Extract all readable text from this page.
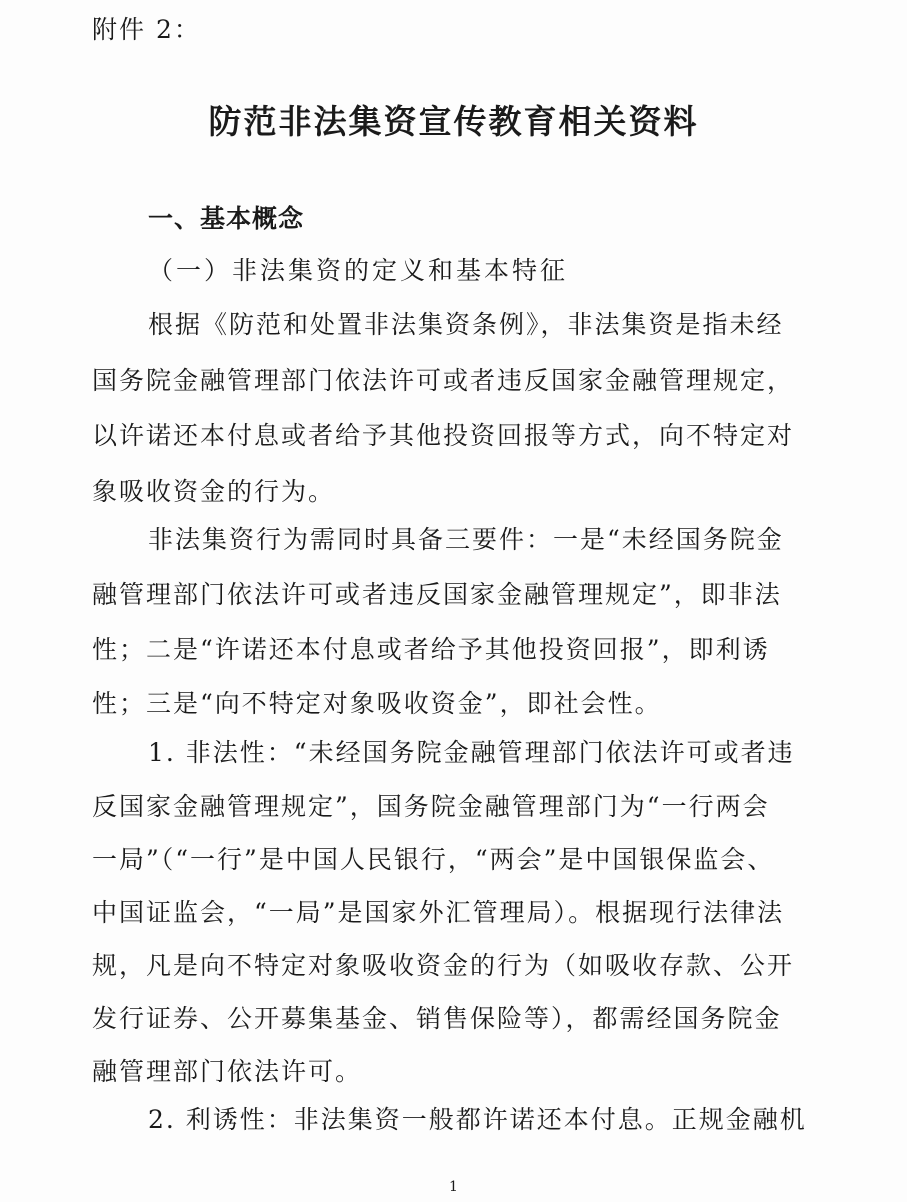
附件 2：
防范非法集资宣传教育相关资料
一、基本概念
（一）非法集资的定义和基本特征
根据《防范和处置非法集资条例》，非法集资是指未经
国务院金融管理部门依法许可或者违反国家金融管理规定，
以许诺还本付息或者给予其他投资回报等方式，向不特定对
象吸收资金的行为。
非法集资行为需同时具备三要件：一是“未经国务院金
融管理部门依法许可或者违反国家金融管理规定”，即非法
性；二是“许诺还本付息或者给予其他投资回报”，即利诱
性；三是“向不特定对象吸收资金”，即社会性。
1. 非法性：“未经国务院金融管理部门依法许可或者违
反国家金融管理规定”，国务院金融管理部门为“一行两会
一局”（“一行”是中国人民银行，“两会”是中国银保监会、
中国证监会，“一局”是国家外汇管理局）。根据现行法律法
规，凡是向不特定对象吸收资金的行为（如吸收存款、公开
发行证券、公开募集基金、销售保险等），都需经国务院金
融管理部门依法许可。
2. 利诱性：非法集资一般都许诺还本付息。正规金融机
1
